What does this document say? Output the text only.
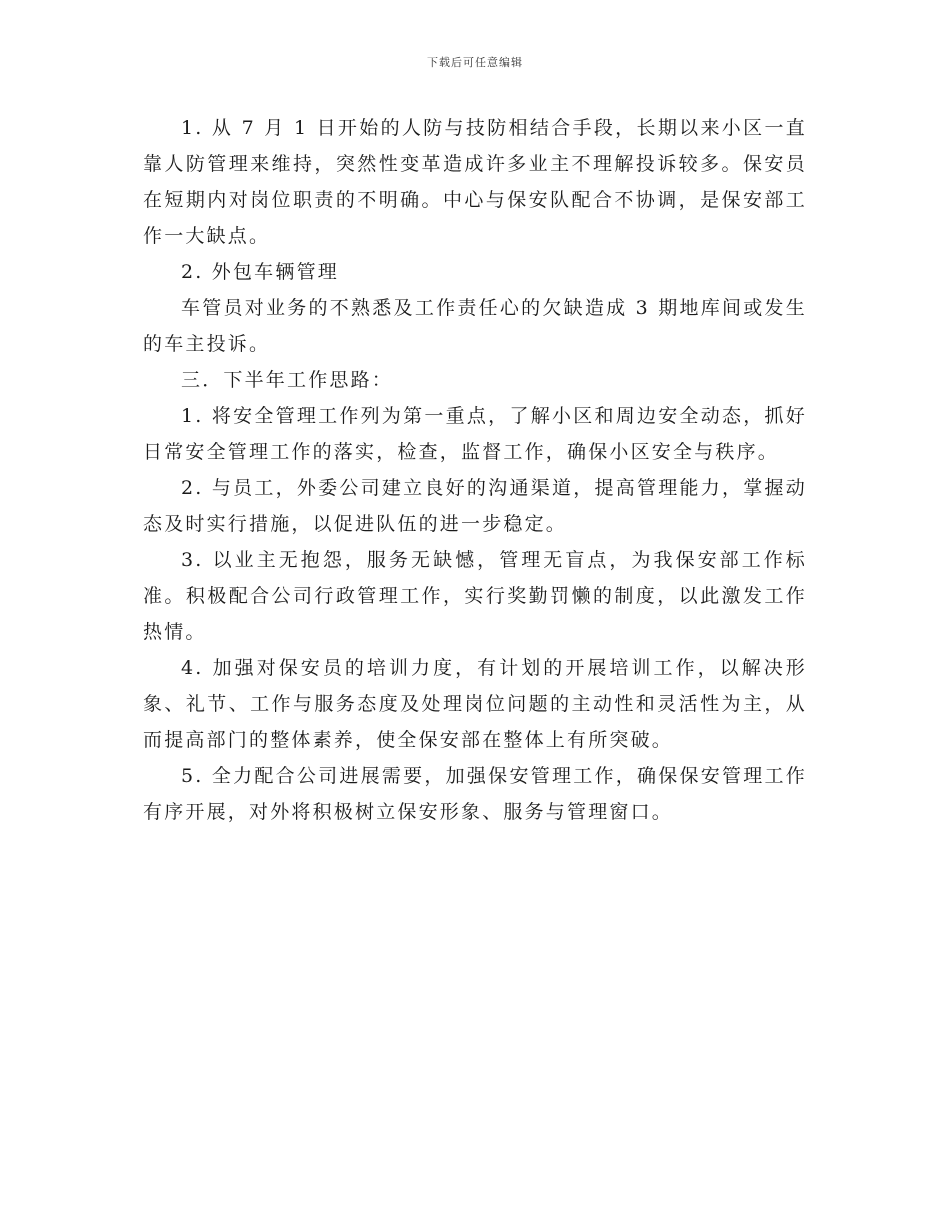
下载后可任意编辑

1. 从 7 月 1 日开始的人防与技防相结合手段，长期以来小区一直靠人防管理来维持，突然性变革造成许多业主不理解投诉较多。保安员在短期内对岗位职责的不明确。中心与保安队配合不协调，是保安部工作一大缺点。

2. 外包车辆管理

车管员对业务的不熟悉及工作责任心的欠缺造成 3 期地库间或发生的车主投诉。

三．下半年工作思路：

1. 将安全管理工作列为第一重点，了解小区和周边安全动态，抓好日常安全管理工作的落实，检查，监督工作，确保小区安全与秩序。

2. 与员工，外委公司建立良好的沟通渠道，提高管理能力，掌握动态及时实行措施，以促进队伍的进一步稳定。

3. 以业主无抱怨，服务无缺憾，管理无盲点，为我保安部工作标准。积极配合公司行政管理工作，实行奖勤罚懒的制度，以此激发工作热情。

4. 加强对保安员的培训力度，有计划的开展培训工作，以解决形象、礼节、工作与服务态度及处理岗位问题的主动性和灵活性为主，从而提高部门的整体素养，使全保安部在整体上有所突破。

5. 全力配合公司进展需要，加强保安管理工作，确保保安管理工作有序开展，对外将积极树立保安形象、服务与管理窗口。
